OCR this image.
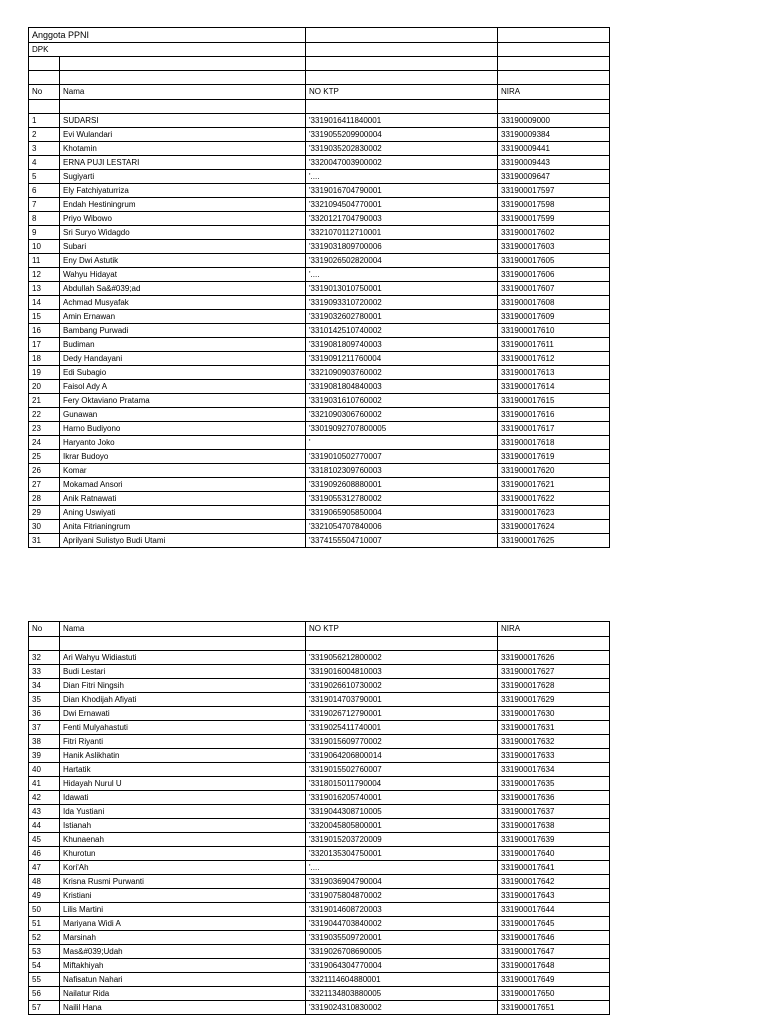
Anggota PPNI			
DPK			

No	Nama	NO KTP	NIRA

1	SUDARSI	'3319016411840001	33190009000
2	Evi Wulandari	'3319055209900004	33190009384
3	Khotamin	'3319035202830002	33190009441
4	ERNA PUJI LESTARI	'3320047003900002	33190009443
5	Sugiyarti	'....	33190009647
6	Ely Fatchiyaturriza	'3319016704790001	331900017597
7	Endah Hestiningrum	'3321094504770001	331900017598
8	Priyo Wibowo	'3320121704790003	331900017599
9	Sri Suryo Widagdo	'3321070112710001	331900017602
10	Subari	'3319031809700006	331900017603
11	Eny Dwi Astutik	'3319026502820004	331900017605
12	Wahyu Hidayat	'....	331900017606
13	Abdullah Sa&#039;ad	'3319013010750001	331900017607
14	Achmad Musyafak	'3319093310720002	331900017608
15	Amin Ernawan	'3319032602780001	331900017609
16	Bambang Purwadi	'3310142510740002	331900017610
17	Budiman	'3319081809740003	331900017611
18	Dedy Handayani	'3319091211760004	331900017612
19	Edi Subagio	'3321090903760002	331900017613
20	Faisol Ady A	'3319081804840003	331900017614
21	Fery Oktaviano Pratama	'3319031610760002	331900017615
22	Gunawan	'3321090306760002	331900017616
23	Harno Budiyono	'33019092707800005	331900017617
24	Haryanto Joko	'	331900017618
25	Ikrar Budoyo	'3319010502770007	331900017619
26	Komar	'3318102309760003	331900017620
27	Mokamad Ansori	'3319092608880001	331900017621
28	Anik Ratnawati	'3319055312780002	331900017622
29	Aning Uswiyati	'3319065905850004	331900017623
30	Anita Fitrianingrum	'3321054707840006	331900017624
31	Aprilyani Sulistyo Budi Utami	'3374155504710007	331900017625
No	Nama	NO KTP	NIRA

32	Ari Wahyu Widiastuti	'3319056212800002	331900017626
33	Budi Lestari	'3319016004810003	331900017627
34	Dian Fitri Ningsih	'3319026610730002	331900017628
35	Dian Khodijah Afiyati	'3319014703790001	331900017629
36	Dwi Ernawati	'3319026712790001	331900017630
37	Fenti Mulyahastuti	'3319025411740001	331900017631
38	Fitri Riyanti	'3319015609770002	331900017632
39	Hanik Aslikhatin	'3319064206800014	331900017633
40	Hartatik	'3319015502760007	331900017634
41	Hidayah Nurul U	'3318015011790004	331900017635
42	Idawati	'3319016205740001	331900017636
43	Ida Yustiani	'3319044308710005	331900017637
44	Istianah	'3320045805800001	331900017638
45	Khunaenah	'3319015203720009	331900017639
46	Khurotun	'3320135304750001	331900017640
47	Kori'Ah	'....	331900017641
48	Krisna Rusmi Purwanti	'3319036904790004	331900017642
49	Kristiani	'3319075804870002	331900017643
50	Lilis Martini	'3319014608720003	331900017644
51	Mariyana Widi A	'3319044703840002	331900017645
52	Marsinah	'3319035509720001	331900017646
53	Mas&#039;Udah	'3319026708690005	331900017647
54	Miftakhiyah	'3319064304770004	331900017648
55	Nafisatun Nahari	'3321114604880001	331900017649
56	Nailatur Rida	'3321134803880005	331900017650
57	Nailil Hana	'3319024310830002	331900017651
